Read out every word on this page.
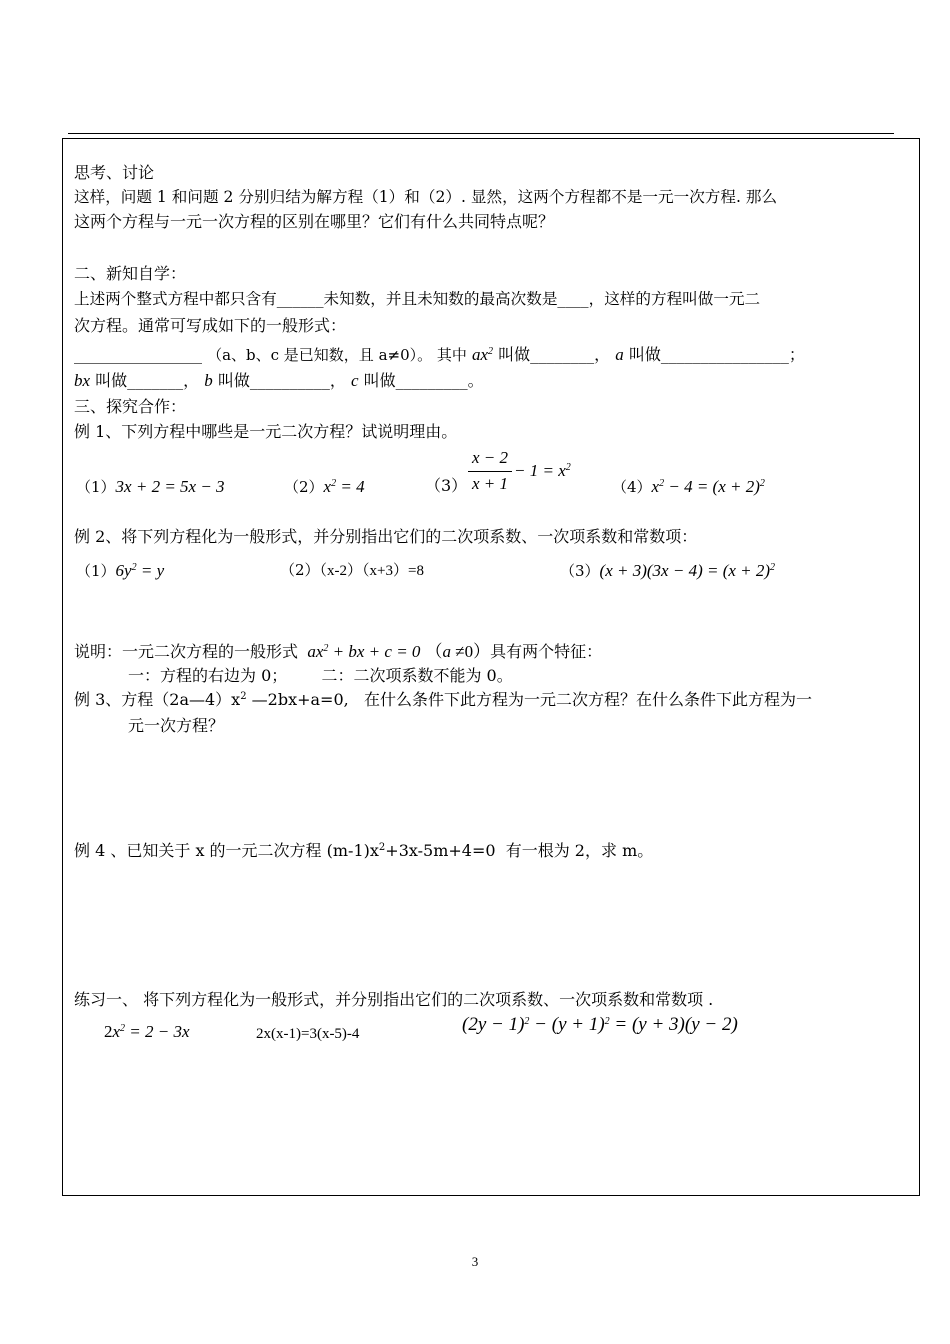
思考、讨论
这样，问题 1 和问题 2 分别归结为解方程（1）和（2）. 显然，这两个方程都不是一元一次方程. 那么
这两个方程与一元一次方程的区别在哪里？它们有什么共同特点呢？
二、新知自学：
上述两个整式方程中都只含有______未知数，并且未知数的最高次数是____，这样的方程叫做一元二
次方程。通常可写成如下的一般形式：
________________ （a、b、c 是已知数，且 a≠0）。 其中 $ax^2$ 叫做________， a 叫做________________；
bx 叫做_______， b 叫做__________， c 叫做_________。
三、探究合作：
例 1、下列方程中哪些是一元二次方程？试说明理由。
（1）3x + 2 = 5x − 3	$(2)x^2 = 4$	（3）
x − 2
x + 1
− $1 = x^2$
$(4)x^2 - 4 = (x + 2)^2$
例 2、将下列方程化为一般形式，并分别指出它们的二次项系数、一次项系数和常数项：
$(1)6y^2 = y$	（2）（x-2）（x+3）=8	$(3)(x + 3)(3x - 4) = (x + 2)^2$
说明：一元二次方程的一般形式  $ax^2$ + bx + c = 0 （a ≠0）具有两个特征：
一：方程的右边为 0； 二：二次项系数不能为 0。
例 3、方程$(2a—4)x^2$ —2bx+a=0,   在什么条件下此方程为一元二次方程？在什么条件下此方程为一
元一次方程？
例 4 、已知关于 x 的一元二次方程 $(m-1)x^2+3x-5m+4=0$  有一根为 2，求 m。
练习一、 将下列方程化为一般形式，并分别指出它们的二次项系数、一次项系数和常数项 .
$2x^2 = 2 - 3x$	2x(x-1)=3(x-5)-4	$(2y - 1)^2 - (y + 1)^2 = (y + 3)(y - 2)$
3
